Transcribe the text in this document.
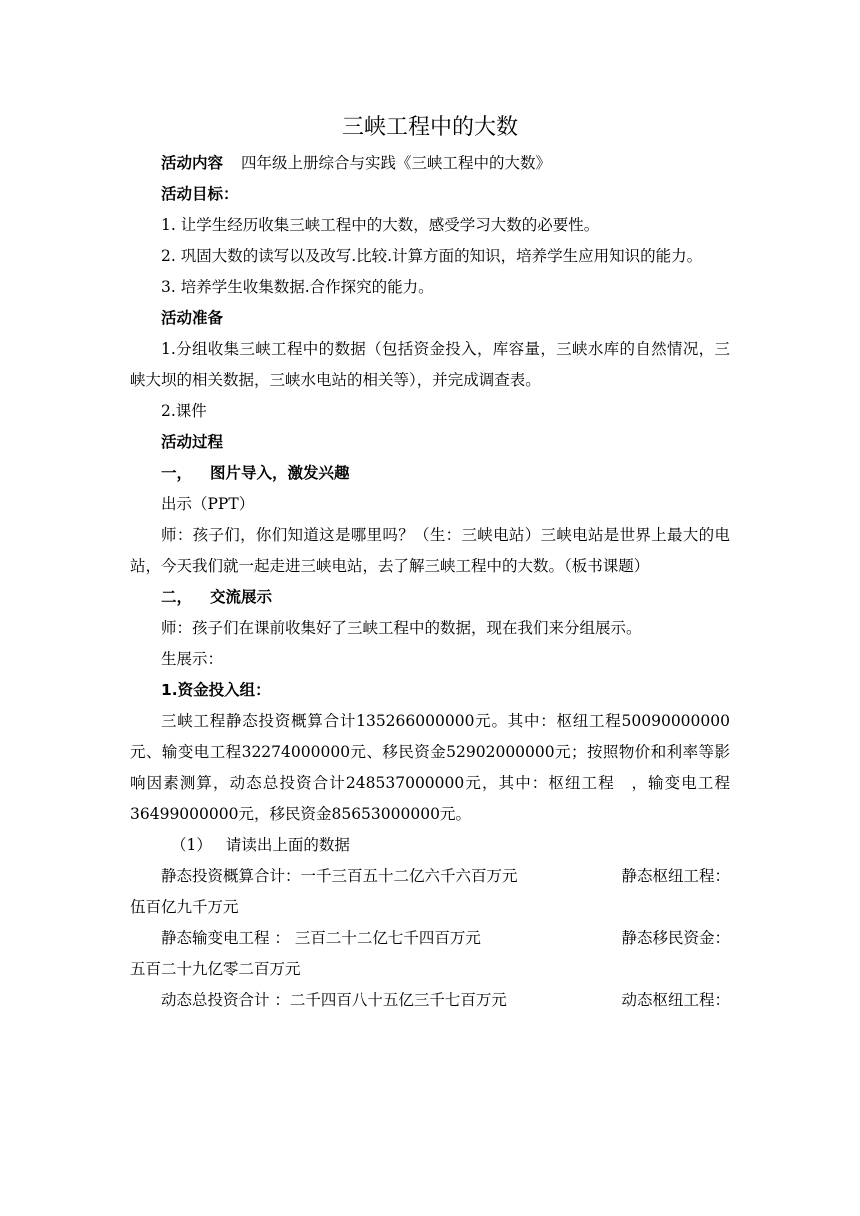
三峡工程中的大数

活动内容 四年级上册综合与实践《三峡工程中的大数》

活动目标：

1. 让学生经历收集三峡工程中的大数，感受学习大数的必要性。

2. 巩固大数的读写以及改写.比较.计算方面的知识，培养学生应用知识的能力。

3. 培养学生收集数据.合作探究的能力。

活动准备

1.分组收集三峡工程中的数据（包括资金投入，库容量，三峡水库的自然情况，三峡大坝的相关数据，三峡水电站的相关等），并完成调查表。

2.课件

活动过程

一， 图片导入，激发兴趣

出示（PPT）

师：孩子们，你们知道这是哪里吗？（生：三峡电站）三峡电站是世界上最大的电站，今天我们就一起走进三峡电站，去了解三峡工程中的大数。（板书课题）

二， 交流展示

师：孩子们在课前收集好了三峡工程中的数据，现在我们来分组展示。

生展示：

1.资金投入组：

三峡工程静态投资概算合计135266000000元。其中：枢纽工程50090000000元、输变电工程32274000000元、移民资金52902000000元；按照物价和利率等影响因素测算，动态总投资合计248537000000元，其中：枢纽工程　，输变电工程36499000000元，移民资金85653000000元。

（1） 请读出上面的数据

静态投资概算合计：一千三百五十二亿六千六百万元	静态枢纽工程：

伍百亿九千万元

静态输变电工程 ： 三百二十二亿七千四百万元	静态移民资金：

五百二十九亿零二百万元

动态总投资合计 ：二千四百八十五亿三千七百万元	动态枢纽工程：
